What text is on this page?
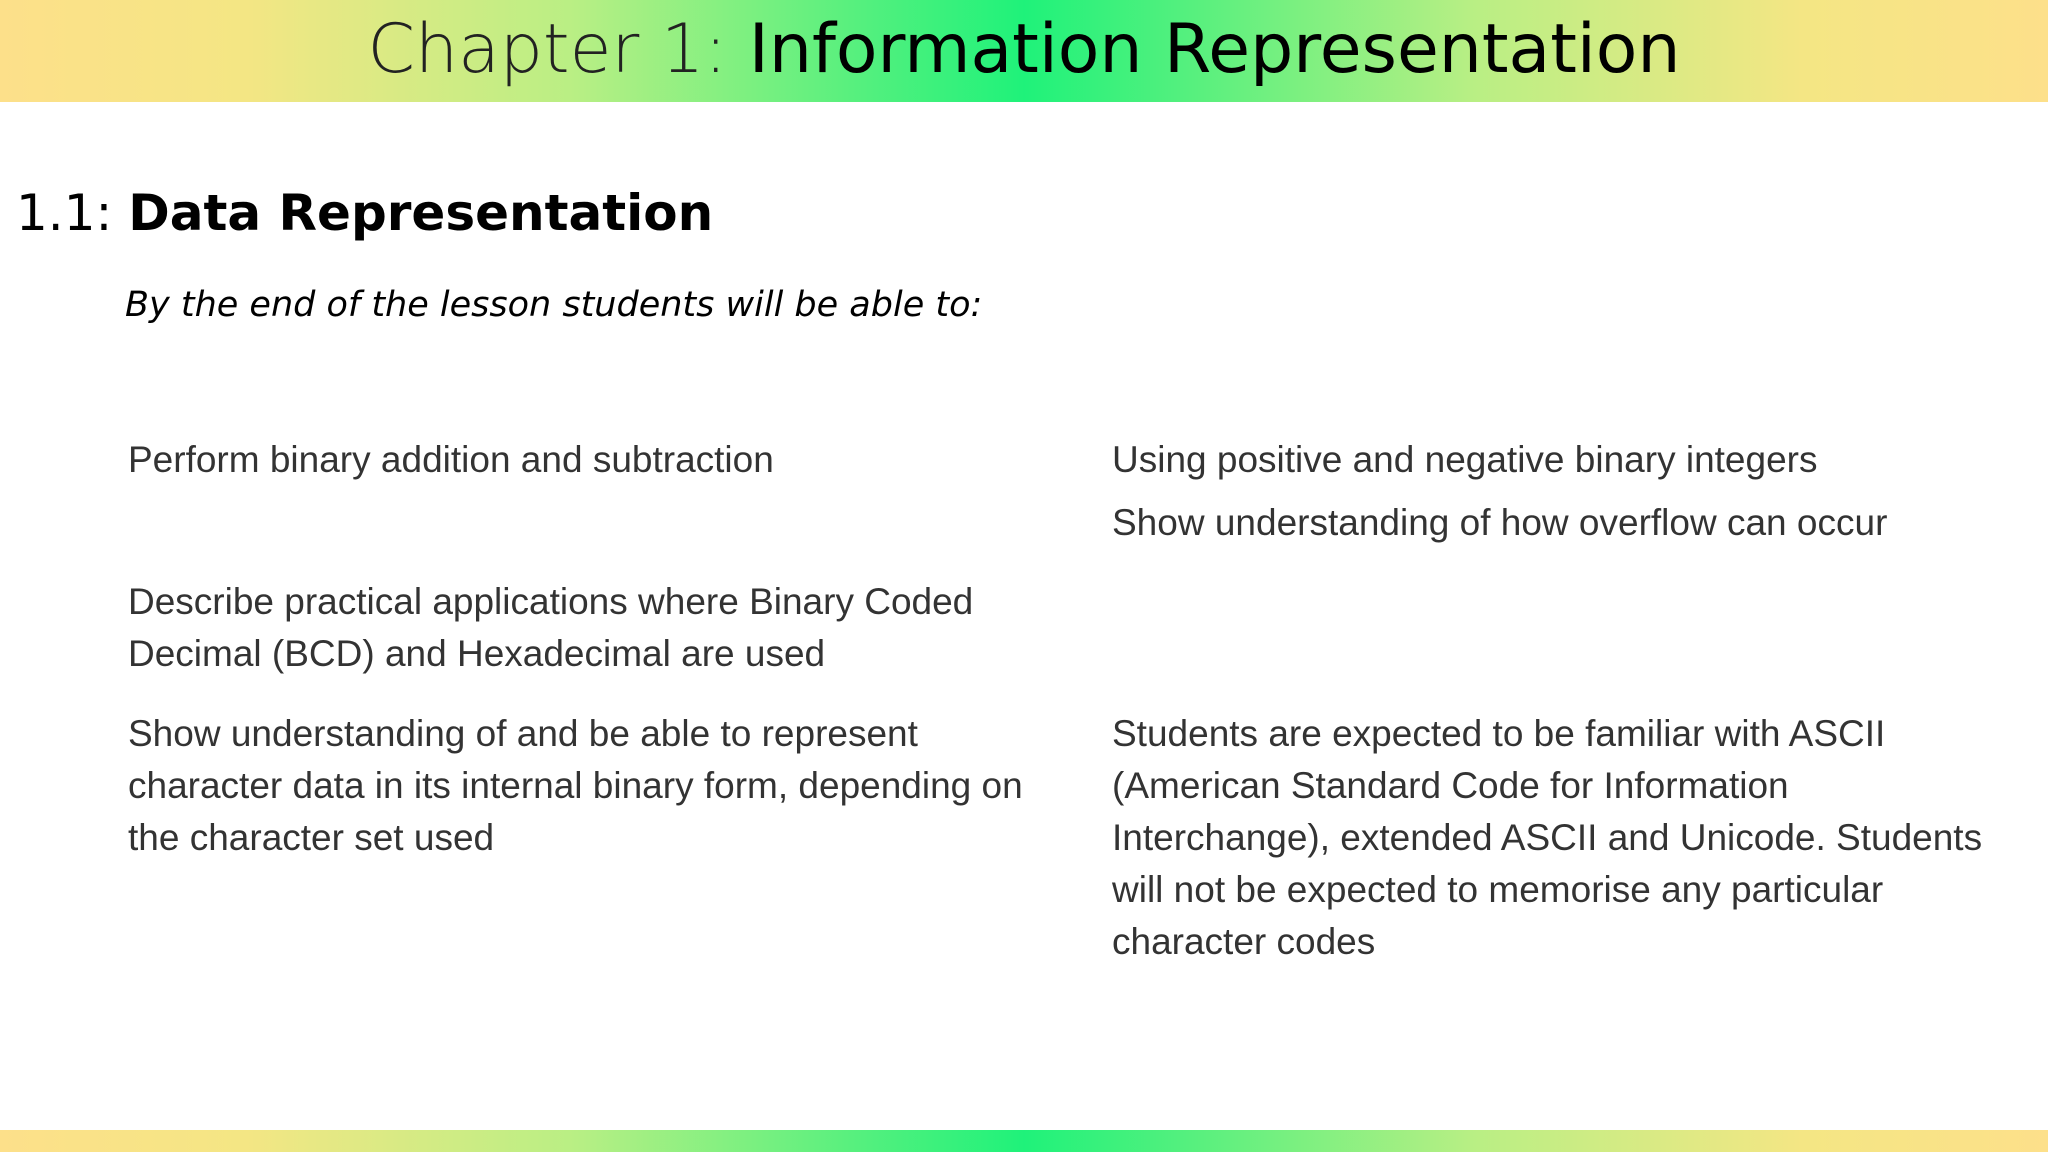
Chapter 1: Information Representation
1.1: Data Representation
By the end of the lesson students will be able to:
Perform binary addition and subtraction	Using positive and negative binary integers
Show understanding of how overflow can occur
Describe practical applications where Binary Coded Decimal (BCD) and Hexadecimal are used
Show understanding of and be able to represent character data in its internal binary form, depending on the character set used
Students are expected to be familiar with ASCII (American Standard Code for Information Interchange), extended ASCII and Unicode. Students will not be expected to memorise any particular character codes
